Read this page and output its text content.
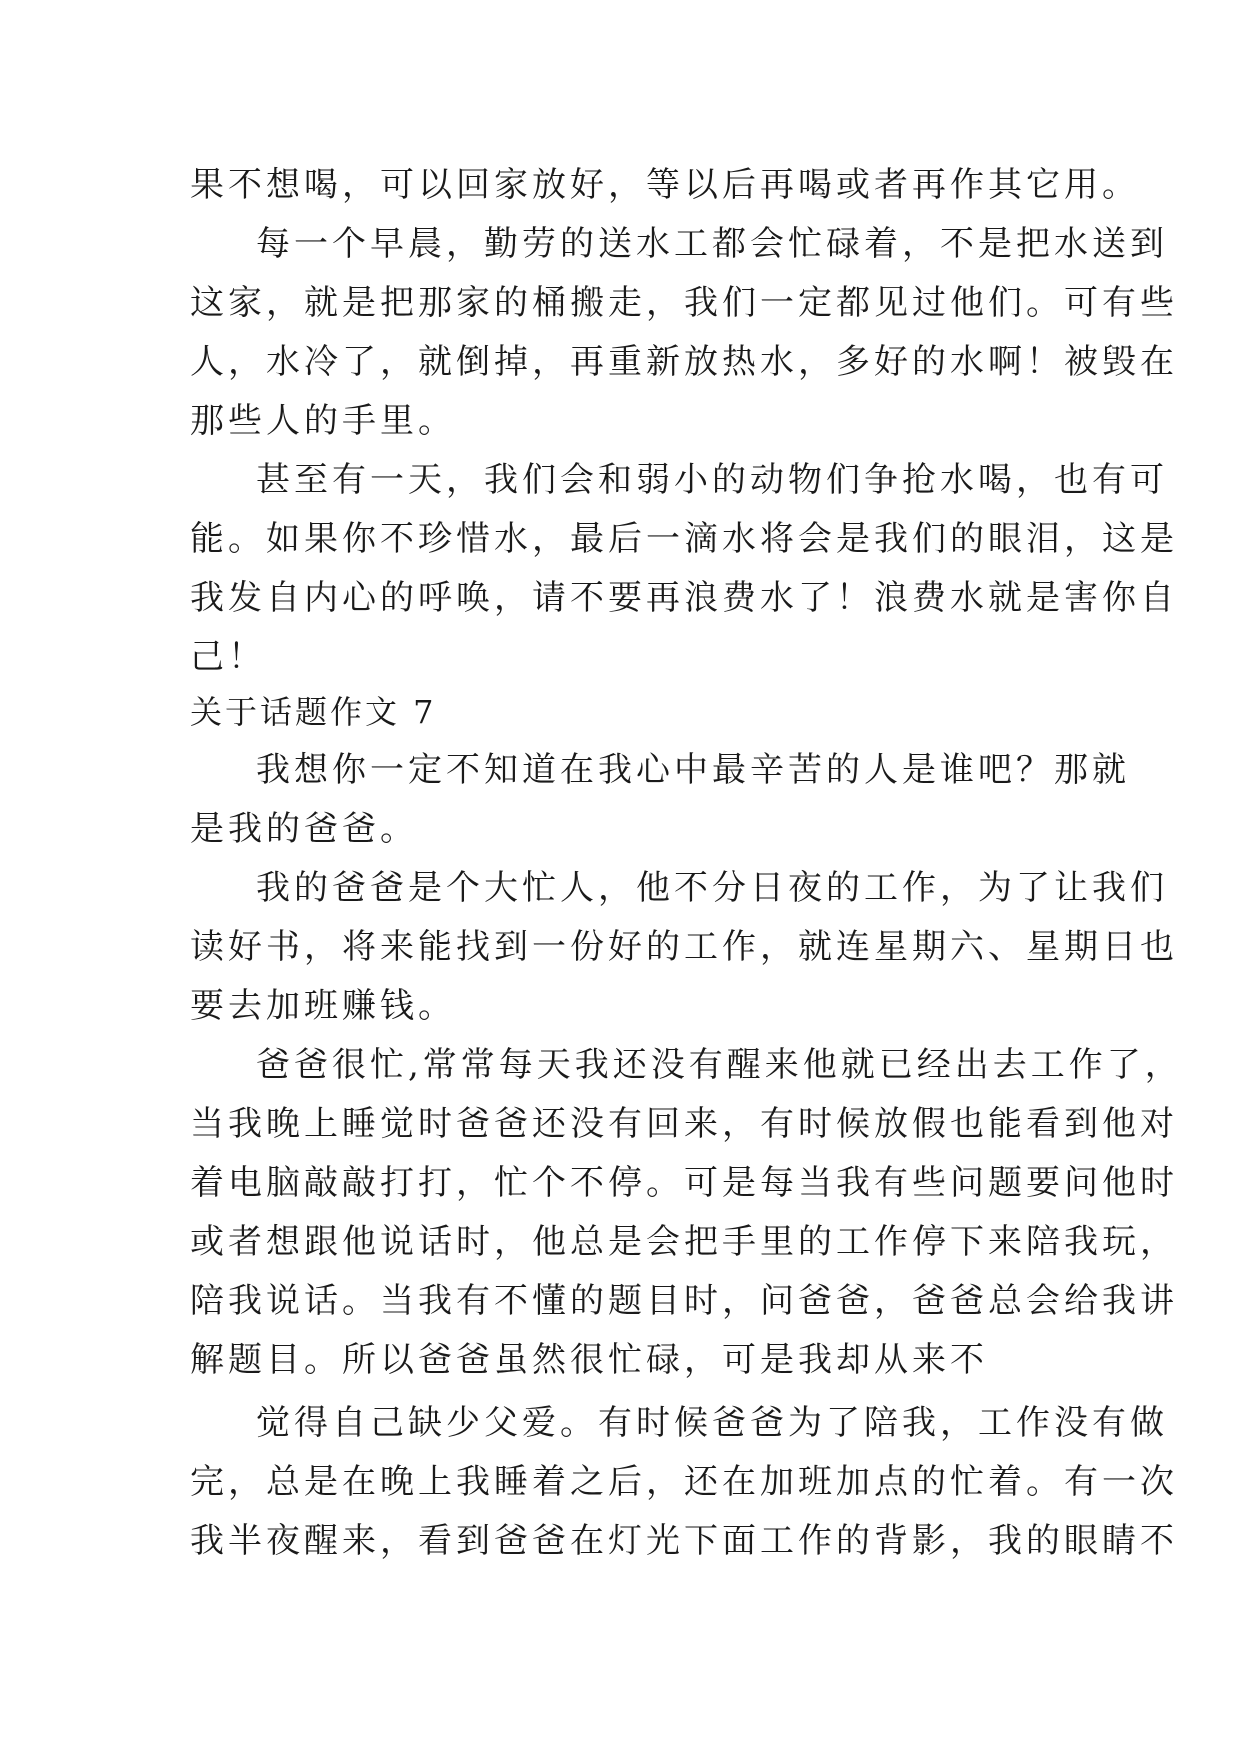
果不想喝，可以回家放好，等以后再喝或者再作其它用。
每一个早晨，勤劳的送水工都会忙碌着，不是把水送到
这家，就是把那家的桶搬走，我们一定都见过他们。可有些
人，水冷了，就倒掉，再重新放热水，多好的水啊！被毁在
那些人的手里。
甚至有一天，我们会和弱小的动物们争抢水喝，也有可
能。如果你不珍惜水，最后一滴水将会是我们的眼泪，这是
我发自内心的呼唤，请不要再浪费水了！浪费水就是害你自
己！
关于话题作文 7
我想你一定不知道在我心中最辛苦的人是谁吧？那就
是我的爸爸。
我的爸爸是个大忙人，他不分日夜的工作，为了让我们
读好书，将来能找到一份好的工作，就连星期六、星期日也
要去加班赚钱。
爸爸很忙,常常每天我还没有醒来他就已经出去工作了，
当我晚上睡觉时爸爸还没有回来，有时候放假也能看到他对
着电脑敲敲打打，忙个不停。可是每当我有些问题要问他时
或者想跟他说话时，他总是会把手里的工作停下来陪我玩，
陪我说话。当我有不懂的题目时，问爸爸，爸爸总会给我讲
解题目。所以爸爸虽然很忙碌，可是我却从来不
觉得自己缺少父爱。有时候爸爸为了陪我，工作没有做
完，总是在晚上我睡着之后，还在加班加点的忙着。有一次
我半夜醒来，看到爸爸在灯光下面工作的背影，我的眼睛不
